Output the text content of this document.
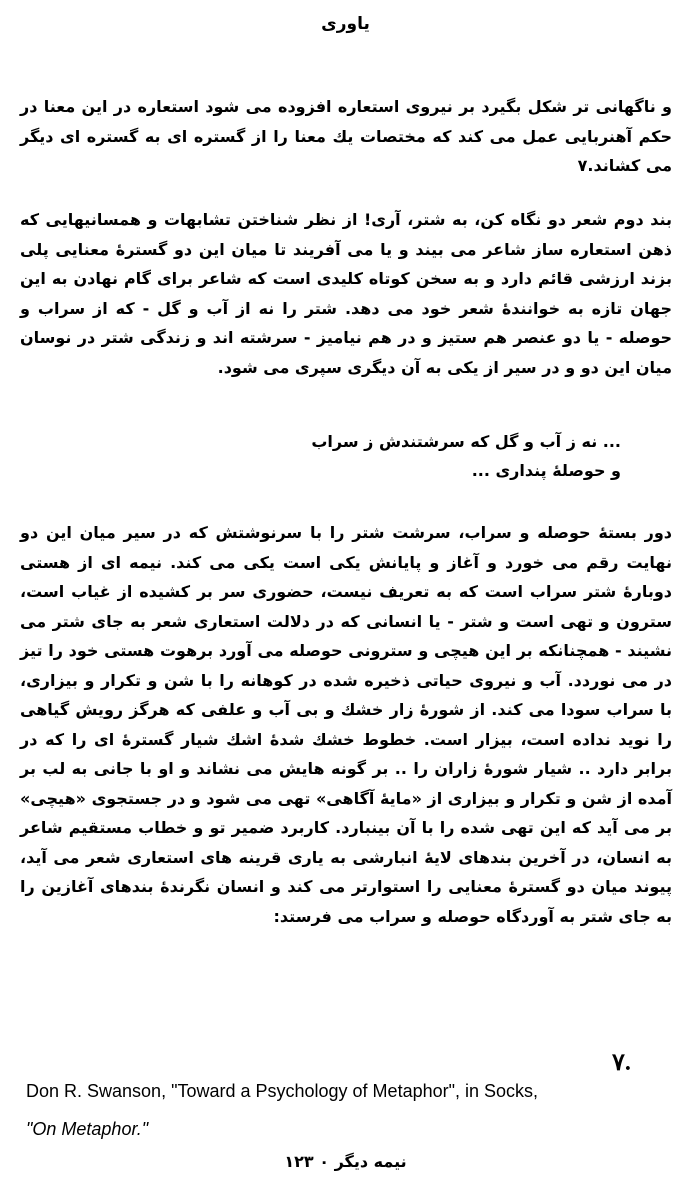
یاوری
و ناگهانی تر شکل بگیرد بر نیروی استعاره افزوده می شود استعاره در این معنا در حکم آهنربایی عمل می کند که مختصات یك معنا را از گستره ای به گستره ای دیگر می کشاند.۷
بند دوم شعر دو نگاه کن، به شتر، آری! از نظر شناختن تشابهات و همسانیهایی که ذهن استعاره ساز شاعر می بیند و یا می آفریند تا میان این دو گسترهٔ معنایی پلی بزند ارزشی قائم دارد و به سخن کوتاه کلیدی است که شاعر برای گام نهادن به این جهان تازه به خوانندهٔ شعر خود می دهد. شتر را نه از آب و گل - که از سراب و حوصله - یا دو عنصر هم ستیز و در هم نیامیز - سرشته اند و زندگی شتر در نوسان میان این دو و در سیر از یکی به آن دیگری سپری می شود.
... نه ز آب و گل که سرشتندش ز سراب
و حوصلهٔ پنداری ...
دور بستهٔ حوصله و سراب، سرشت شتر را با سرنوشتش که در سیر میان این دو نهایت رقم می خورد و آغاز و پایانش یکی است یکی می کند. نیمه ای از هستی دوبارهٔ شتر سراب است که به تعریف نیست، حضوری سر بر کشیده از غیاب است، سترون و تهی است و شتر - یا انسانی که در دلالت استعاری شعر به جای شتر می نشیند - همچنانکه بر این هیچی و سترونی حوصله می آورد برهوت هستی خود را تیز در می نوردد. آب و نیروی حیاتی ذخیره شده در کوهانه را با شن و تکرار و بیزاری، با سراب سودا می کند. از شورهٔ زار خشك و بی آب و علفی که هرگز رویش گیاهی را نوید نداده است، بیزار است. خطوط خشك شدهٔ اشك شیار گسترهٔ ای را که در برابر دارد .. شیار شورهٔ زاران را .. بر گونه هایش می نشاند و او با جانی به لب بر آمده از شن و تکرار و بیزاری از «مایهٔ آگاهی» تهی می شود و در جستجوی «هیچی» بر می آید که این تهی شده را با آن بینبارد. کاربرد ضمیر تو و خطاب مستقیم شاعر به انسان، در آخرین بندهای لایهٔ انبارشی به یاری قرینه های استعاری شعر می آید، پیوند میان دو گسترهٔ معنایی را استوارتر می کند و انسان نگرندهٔ بندهای آغازین را به جای شتر به آوردگاه حوصله و سراب می فرستد:
۷.
Don R. Swanson, "Toward a Psychology of Metaphor", in Socks,
"On Metaphor."
نیمه دیگر ۰ ۱۲۳
